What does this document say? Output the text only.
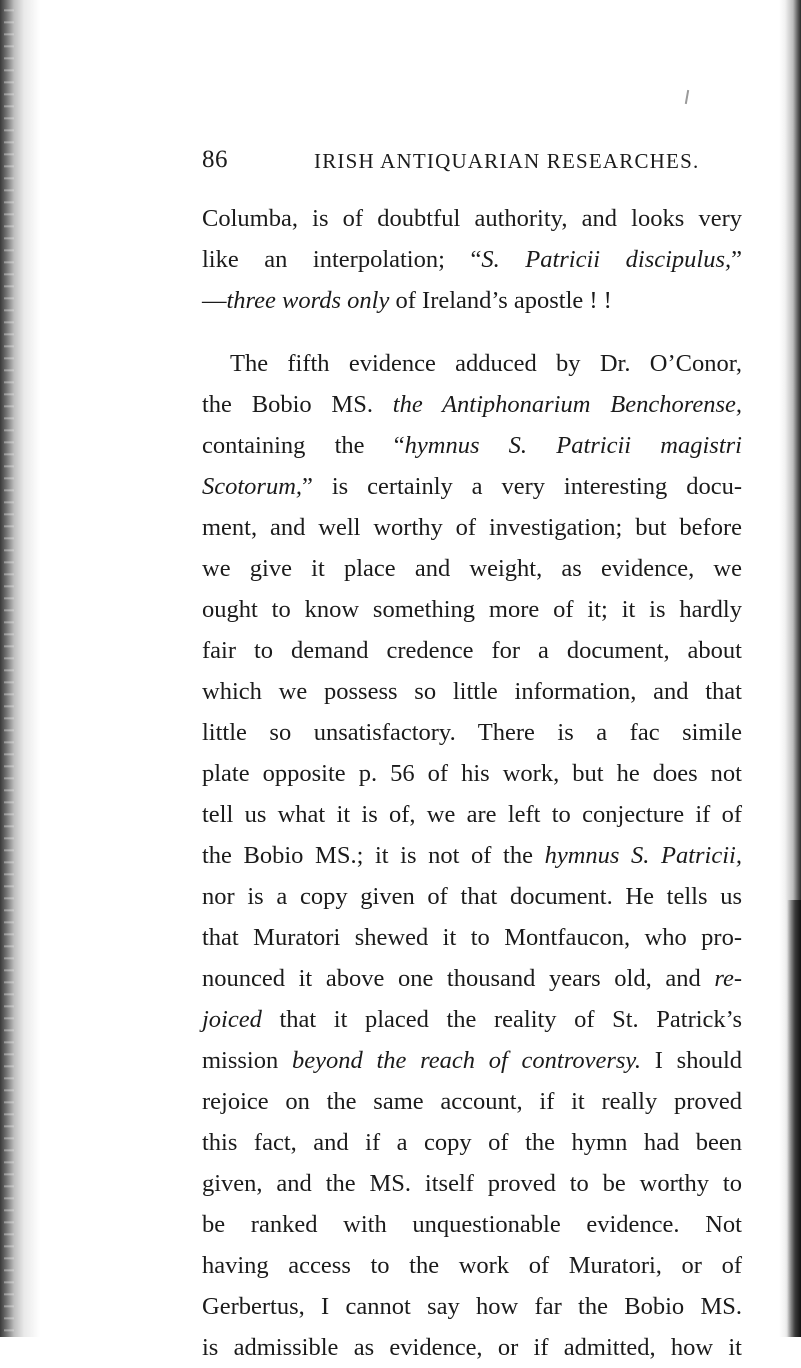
86	IRISH ANTIQUARIAN RESEARCHES.
Columba, is of doubtful authority, and looks very
like an interpolation; “S. Patricii discipulus,”
—three words only of Ireland’s apostle ! !
The fifth evidence adduced by Dr. O’Conor,
the Bobio MS. the Antiphonarium Benchorense,
containing the “hymnus S. Patricii magistri
Scotorum,” is certainly a very interesting docu-
ment, and well worthy of investigation; but before
we give it place and weight, as evidence, we
ought to know something more of it; it is hardly
fair to demand credence for a document, about
which we possess so little information, and that
little so unsatisfactory. There is a fac simile
plate opposite p. 56 of his work, but he does not
tell us what it is of, we are left to conjecture if of
the Bobio MS.; it is not of the hymnus S. Patricii,
nor is a copy given of that document. He tells us
that Muratori shewed it to Montfaucon, who pro-
nounced it above one thousand years old, and re-
joiced that it placed the reality of St. Patrick’s
mission beyond the reach of controversy. I should
rejoice on the same account, if it really proved
this fact, and if a copy of the hymn had been
given, and the MS. itself proved to be worthy to
be ranked with unquestionable evidence. Not
having access to the work of Muratori, or of
Gerbertus, I cannot say how far the Bobio MS.
is admissible as evidence, or if admitted, how it
